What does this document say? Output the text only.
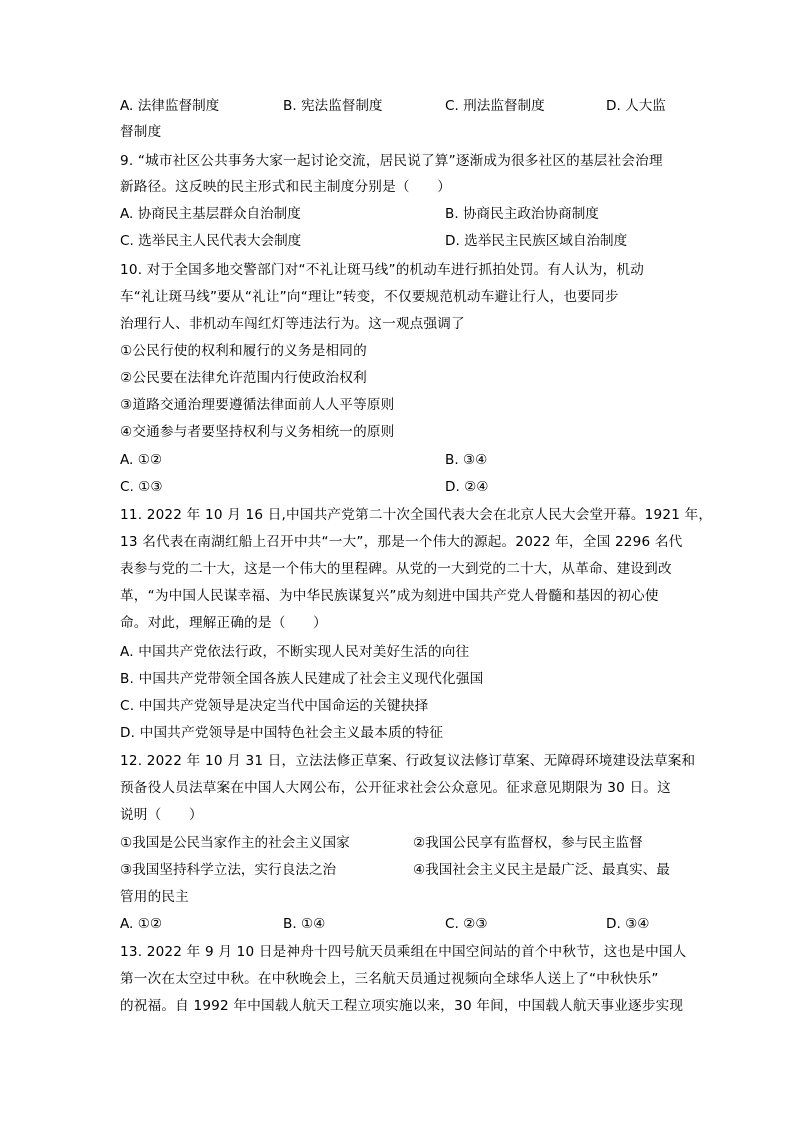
A. 法律监督制度	B. 宪法监督制度	C. 刑法监督制度	D. 人大监
督制度
9. “城市社区公共事务大家一起讨论交流，居民说了算”逐渐成为很多社区的基层社会治理
新路径。这反映的民主形式和民主制度分别是（　　）
A. 协商民主基层群众自治制度	B. 协商民主政治协商制度
C. 选举民主人民代表大会制度	D. 选举民主民族区域自治制度
10. 对于全国多地交警部门对“不礼让斑马线”的机动车进行抓拍处罚。有人认为，机动
车“礼让斑马线”要从“礼让”向“理让”转变，不仅要规范机动车避让行人，也要同步
治理行人、非机动车闯红灯等违法行为。这一观点强调了
①公民行使的权利和履行的义务是相同的
②公民要在法律允许范围内行使政治权利
③道路交通治理要遵循法律面前人人平等原则
④交通参与者要坚持权利与义务相统一的原则
A. ①②	B. ③④
C. ①③	D. ②④
11. 2022 年 10 月 16 日,中国共产党第二十次全国代表大会在北京人民大会堂开幕。1921 年，
13 名代表在南湖红船上召开中共“一大”，那是一个伟大的源起。2022 年，全国 2296 名代
表参与党的二十大，这是一个伟大的里程碑。从党的一大到党的二十大，从革命、建设到改
革，“为中国人民谋幸福、为中华民族谋复兴”成为刻进中国共产党人骨髓和基因的初心使
命。对此，理解正确的是（　　）
A. 中国共产党依法行政，不断实现人民对美好生活的向往
B. 中国共产党带领全国各族人民建成了社会主义现代化强国
C. 中国共产党领导是决定当代中国命运的关键抉择
D. 中国共产党领导是中国特色社会主义最本质的特征
12. 2022 年 10 月 31 日，立法法修正草案、行政复议法修订草案、无障碍环境建设法草案和
预备役人员法草案在中国人大网公布，公开征求社会公众意见。征求意见期限为 30 日。这
说明（　　）
①我国是公民当家作主的社会主义国家	②我国公民享有监督权，参与民主监督
③我国坚持科学立法，实行良法之治	④我国社会主义民主是最广泛、最真实、最
管用的民主
A. ①②	B. ①④	C. ②③	D. ③④
13. 2022 年 9 月 10 日是神舟十四号航天员乘组在中国空间站的首个中秋节，这也是中国人
第一次在太空过中秋。在中秋晚会上，三名航天员通过视频向全球华人送上了“中秋快乐”
的祝福。自 1992 年中国载人航天工程立项实施以来，30 年间，中国载人航天事业逐步实现
